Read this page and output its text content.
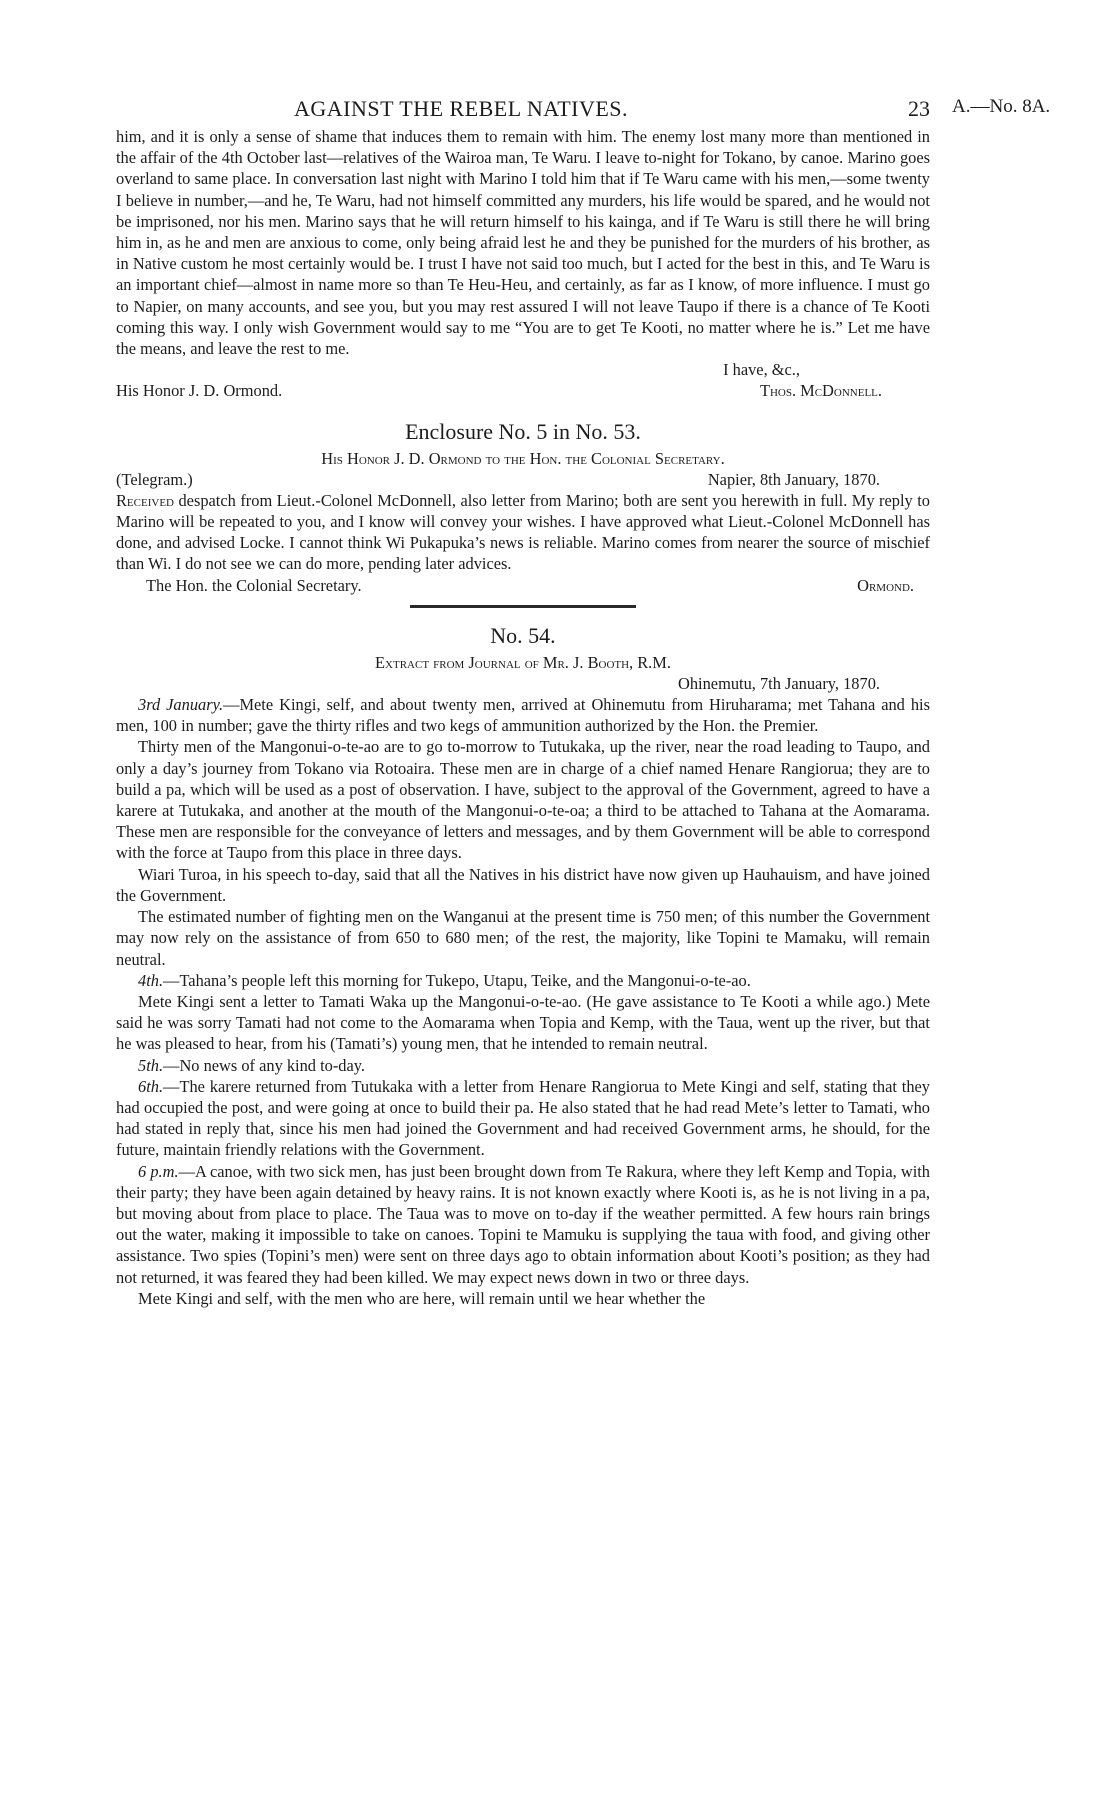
AGAINST THE REBEL NATIVES.	23 A.—No. 8A.

him, and it is only a sense of shame that induces them to remain with him. The enemy lost many more than mentioned in the affair of the 4th October last—relatives of the Wairoa man, Te Waru. I leave to-night for Tokano, by canoe. Marino goes overland to same place. In conversation last night with Marino I told him that if Te Waru came with his men,—some twenty I believe in number,—and he, Te Waru, had not himself committed any murders, his life would be spared, and he would not be imprisoned, nor his men. Marino says that he will return himself to his kainga, and if Te Waru is still there he will bring him in, as he and men are anxious to come, only being afraid lest he and they be punished for the murders of his brother, as in Native custom he most certainly would be. I trust I have not said too much, but I acted for the best in this, and Te Waru is an important chief—almost in name more so than Te Heu-Heu, and certainly, as far as I know, of more influence. I must go to Napier, on many accounts, and see you, but you may rest assured I will not leave Taupo if there is a chance of Te Kooti coming this way. I only wish Government would say to me “You are to get Te Kooti, no matter where he is.” Let me have the means, and leave the rest to me.

I have, &c.,

His Honor J. D. Ormond.	Thos. McDonnell.
Enclosure No. 5 in No. 53.
His Honor J. D. Ormond to the Hon. the Colonial Secretary.
(Telegram.)	Napier, 8th January, 1870.

Received despatch from Lieut.-Colonel McDonnell, also letter from Marino; both are sent you herewith in full. My reply to Marino will be repeated to you, and I know will convey your wishes. I have approved what Lieut.-Colonel McDonnell has done, and advised Locke. I cannot think Wi Pukapuka’s news is reliable. Marino comes from nearer the source of mischief than Wi. I do not see we can do more, pending later advices.

The Hon. the Colonial Secretary.	Ormond.
No. 54.
Extract from Journal of Mr. J. Booth, R.M.
Ohinemutu, 7th January, 1870.

3rd January.—Mete Kingi, self, and about twenty men, arrived at Ohinemutu from Hiruharama; met Tahana and his men, 100 in number; gave the thirty rifles and two kegs of ammunition authorized by the Hon. the Premier.

Thirty men of the Mangonui-o-te-ao are to go to-morrow to Tutukaka, up the river, near the road leading to Taupo, and only a day’s journey from Tokano via Rotoaira. These men are in charge of a chief named Henare Rangiorua; they are to build a pa, which will be used as a post of observation. I have, subject to the approval of the Government, agreed to have a karere at Tutukaka, and another at the mouth of the Mangonui-o-te-oa; a third to be attached to Tahana at the Aomarama. These men are responsible for the conveyance of letters and messages, and by them Government will be able to correspond with the force at Taupo from this place in three days.

Wiari Turoa, in his speech to-day, said that all the Natives in his district have now given up Hauhauism, and have joined the Government.

The estimated number of fighting men on the Wanganui at the present time is 750 men; of this number the Government may now rely on the assistance of from 650 to 680 men; of the rest, the majority, like Topini te Mamaku, will remain neutral.

4th.—Tahana’s people left this morning for Tukepo, Utapu, Teike, and the Mangonui-o-te-ao.

Mete Kingi sent a letter to Tamati Waka up the Mangonui-o-te-ao. (He gave assistance to Te Kooti a while ago.) Mete said he was sorry Tamati had not come to the Aomarama when Topia and Kemp, with the Taua, went up the river, but that he was pleased to hear, from his (Tamati’s) young men, that he intended to remain neutral.

5th.—No news of any kind to-day.

6th.—The karere returned from Tutukaka with a letter from Henare Rangiorua to Mete Kingi and self, stating that they had occupied the post, and were going at once to build their pa. He also stated that he had read Mete’s letter to Tamati, who had stated in reply that, since his men had joined the Government and had received Government arms, he should, for the future, maintain friendly relations with the Government.

6 p.m.—A canoe, with two sick men, has just been brought down from Te Rakura, where they left Kemp and Topia, with their party; they have been again detained by heavy rains. It is not known exactly where Kooti is, as he is not living in a pa, but moving about from place to place. The Taua was to move on to-day if the weather permitted. A few hours rain brings out the water, making it impossible to take on canoes. Topini te Mamuku is supplying the taua with food, and giving other assistance. Two spies (Topini’s men) were sent on three days ago to obtain information about Kooti’s position; as they had not returned, it was feared they had been killed. We may expect news down in two or three days.

Mete Kingi and self, with the men who are here, will remain until we hear whether the
